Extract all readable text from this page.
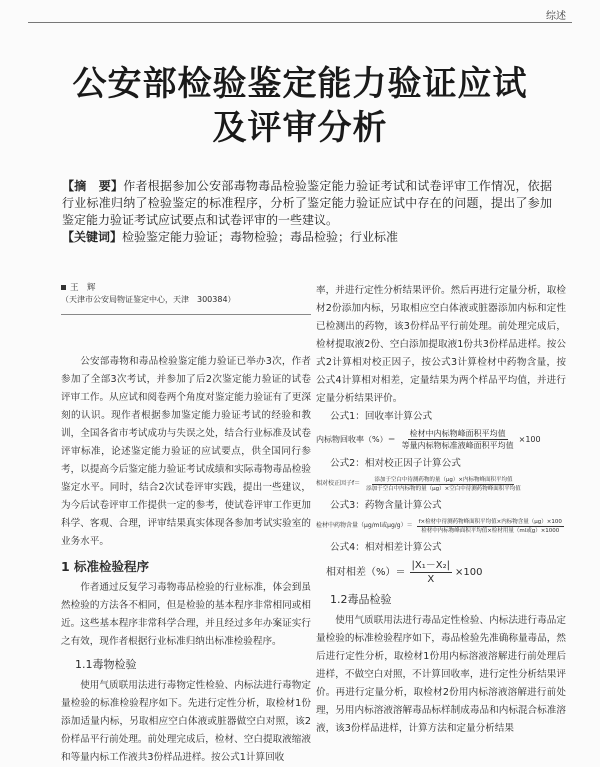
综述
公安部检验鉴定能力验证应试
及评审分析

【摘　要】作者根据参加公安部毒物毒品检验鉴定能力验证考试和试卷评审工作情况，依据行业标准归纳了检验鉴定的标准程序，分析了鉴定能力验证应试中存在的问题，提出了参加鉴定能力验证考试应试要点和试卷评审的一些建议。

【关键词】检验鉴定能力验证；毒物检验；毒品检验；行业标准

王　辉

（天津市公安局物证鉴定中心，天津　300384）

公安部毒物和毒品检验鉴定能力验证已举办3次，作者参加了全部3次考试，并参加了后2次鉴定能力验证的试卷评审工作。从应试和阅卷两个角度对鉴定能力验证有了更深刻的认识。现作者根据参加鉴定能力验证考试的经验和教训，全国各省市考试成功与失误之处，结合行业标准及试卷评审标准，论述鉴定能力验证的应试要点，供全国同行参考，以提高今后鉴定能力验证考试成绩和实际毒物毒品检验鉴定水平。同时，结合2次试卷评审实践，提出一些建议，为今后试卷评审工作提供一定的参考，使试卷评审工作更加科学、客观、合理，评审结果真实体现各参加考试实验室的业务水平。

1 标准检验程序

作者通过反复学习毒物毒品检验的行业标准，体会到虽然检验的方法各不相同，但是检验的基本程序非常相同或相近。这些基本程序非常科学合理，并且经过多年办案证实行之有效，现作者根据行业标准归纳出标准检验程序。

1.1毒物检验

使用气质联用法进行毒物定性检验、内标法进行毒物定量检验的标准检验程序如下。先进行定性分析，取检材1份添加适量内标，另取相应空白体液或脏器做空白对照，该2份样品平行前处理。前处理完成后，检材、空白提取液缩液和等量内标工作液共3份样品进样。按公式1计算回收

率，并进行定性分析结果评价。然后再进行定量分析，取检材2份添加内标，另取相应空白体液或脏器添加内标和定性已检测出的药物，该3份样品平行前处理。前处理完成后，检材提取液2份、空白添加提取液1份共3份样品进样。按公式2计算相对校正因子，按公式3计算检材中药物含量，按公式4计算相对相差，定量结果为两个样品平均值，并进行定量分析结果评价。

公式1：回收率计算公式
内标物回收率（%）＝ $\frac{\text{检材中内标物峰面积平均值}}{\text{等量内标物标准液峰面积平均值}} \times 100$
公式2：相对校正因子计算公式
相对校正因子$f= \frac{\text{添加于空白中待测药物的量（μg）×内标物峰面积平均值}}{\text{添加于空白中内标物的量（μg）×空白中待测药物峰面积平均值}}$
公式3：药物含量计算公式
检材中药物含量（μg/ml或$\mu g/g)= \frac{\text{f×检材中待测药物峰面积平均值×内标物含量（μg）×100}}{\text{检材中内标物峰面积平均值×检材用量（ml或g）×1000}}$
公式4：相对相差计算公式
相对相差（%）＝ $\frac{\text{|X₁－X₂|}}{X} \times 100$
1.2毒品检验

使用气质联用法进行毒品定性检验、内标法进行毒品定量检验的标准检验程序如下，毒品检验先准确称量毒品，然后进行定性分析，取检材1份用内标溶液溶解进行前处理后进样，不做空白对照，不计算回收率，进行定性分析结果评价。再进行定量分析，取检材2份用内标溶液溶解进行前处理，另用内标溶液溶解毒品标样制成毒品和内标混合标准溶液，该3份样品进样，计算方法和定量分析结果
